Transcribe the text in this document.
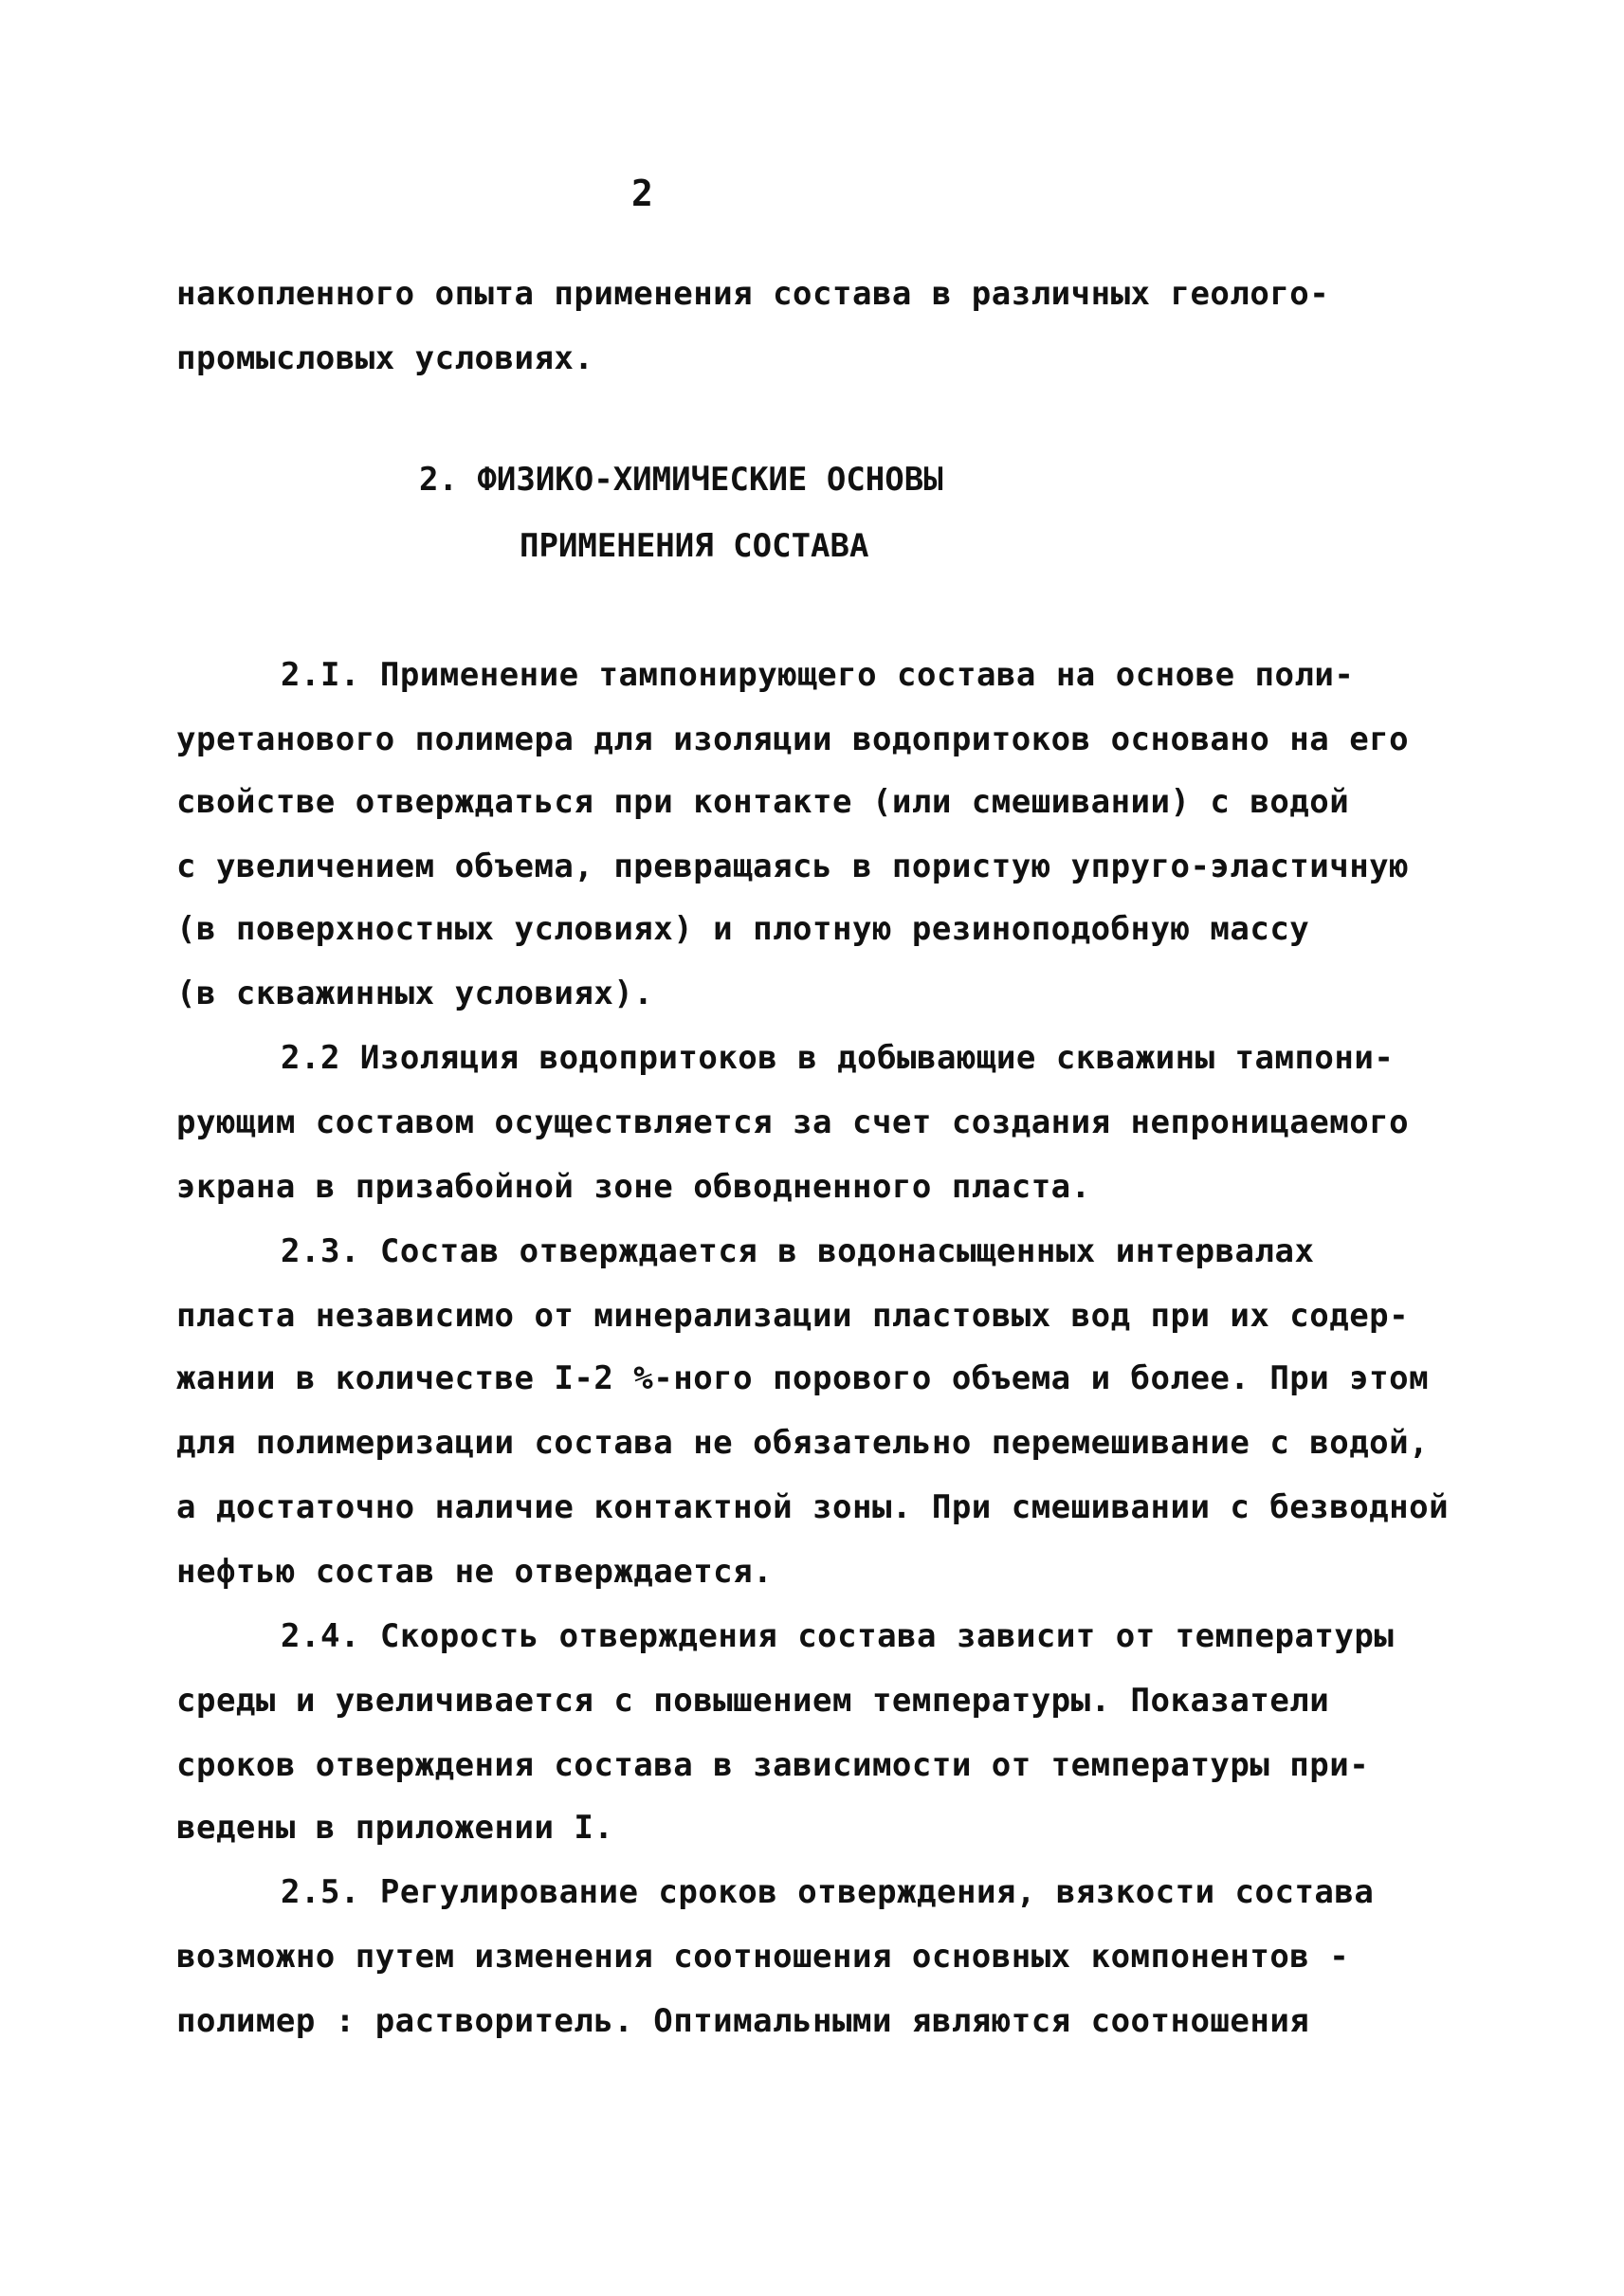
2
накопленного опыта применения состава в различных геолого-
промысловых условиях.
2. ФИЗИКО-ХИМИЧЕСКИЕ ОСНОВЫ
ПРИМЕНЕНИЯ СОСТАВА
2.I. Применение тампонирующего состава на основе поли-
уретанового полимера для изоляции водопритоков основано на его
свойстве отверждаться при контакте (или смешивании) с водой
с увеличением объема, превращаясь в пористую упруго-эластичную
(в поверхностных условиях) и плотную резиноподобную массу
(в скважинных условиях).
2.2 Изоляция водопритоков в добывающие скважины тампони-
рующим составом осуществляется за счет создания непроницаемого
экрана в призабойной зоне обводненного пласта.
2.3. Состав отверждается в водонасыщенных интервалах
пласта независимо от минерализации пластовых вод при их содер-
жании в количестве I-2 %-ного порового объема и более. При этом
для полимеризации состава не обязательно перемешивание с водой,
а достаточно наличие контактной зоны. При смешивании с безводной
нефтью состав не отверждается.
2.4. Скорость отверждения состава зависит от температуры
среды и увеличивается с повышением температуры. Показатели
сроков отверждения состава в зависимости от температуры при-
ведены в приложении I.
2.5. Регулирование сроков отверждения, вязкости состава
возможно путем изменения соотношения основных компонентов -
полимер : растворитель. Оптимальными являются соотношения
